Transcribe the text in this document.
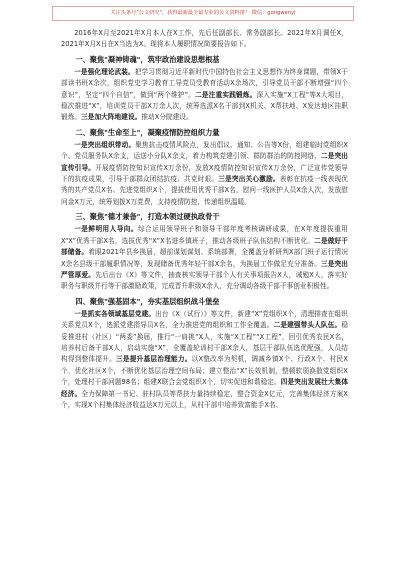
关注头条号"公文研究"，获得最新最全最专业的公文资料推！ 微信：gongwenyj

2016年X月至2021年X月本人在X工作，先后任副部长、常务副部长。2021年X月调任X，2021年X月X日在X当选为X。现将本人履职情况简要报告如下。

一、聚焦"凝神铸魂"，筑牢政治建设思想根基

一是强化理论武装。把学习贯彻习近平新时代中国特色社会主义思想作为终身课题，带领X干部读书班X余次，组织党史学习教育工导党员受教育活动X余场次，引导党员干部不断增强“四个意识”，坚定“四个自信”，做到“两个维护”。二是注重实践锻炼。深入实施“X工程”等X大项目，稳次推进“X”，培训党员干部X万余人次，统筹选派X名干部到X机关、X帮扶地、X发达地区挂职锻炼。三是加大阵地建设。推动X分院建设。

二、聚焦"生命至上"，凝聚疫情防控组织力量

一是突出组织带动。聚焦抗击疫情风险点，发出倡议、通知、公告等X份，组建临时党组织X个、党员服务队X余支，运送小分队X余支，着力构筑党建引领、群防群治的防控网络，二是突出宣传引导。开展疫情防控知识宣传X万余份，发放X疫情防控知识宣传X万余份，广泛宣传党领导下的抗疫成果，引导干部群众团结抗疫、共克时艰。三是突出关心激励。表彰在抗疫一线表现优秀的共产党员X名、先进党组织X个，提拔使用优秀干部X名，慰问一线医护人员X余人次，发放慰问金X万元，统筹划拨X万党费，支持疫情防控，传递组织温暖。

三、聚焦"德才兼备"，打造本领过硬执政骨干

一是鲜明用人导向。综合运用领导班子和领导干部年度考核调研成果，在X年度提拔重用X“X”优秀干部X名，选拔优秀“X”X名进乡镇班子，推动各级班子队伍结构不断优化。二是做好干部储备。着眼2021年县乡换届，超前谋划谋划、系统部署，全覆盖分析研判X部门班子运行情况X余名县级干部履职情况等，发现储备优秀年轻干部X余名，为换届工作做足充分准备。三是突出严管厚爱。先后出台《X》等文件，抽查核实领导干部个人有关事项报告X人，诫勉X人，落实好职务与职级并行等干部激励政策，完成晋升职级X余人，充分调动各级干部干事创业积极性。

四、聚焦"强基固本"，夯实基层组织战斗堡垒

一是抓实各领域基层党建。出台《X（试行）》等文件，新建“X”党组织X个，清理排查在组织关系党员X个，选派党建指导员X名，全力推进党的组织和工作全覆盖。二是建强带头人队伍。稳妥推进村（社区）“两委”换届，推行“一肩挑”X人，实施“X工程”“X工程”，回引优秀农民X名，培养村后备干部X人，启动实施“X”，全覆盖轮训村干部X余人，基层干部队伍选优配强，人员结构得到整体提升。三是提升基层治理能力。以X整改率为契机，调减乡镇X个、行政X个、村民X个，优化社区X个，不断优化基层治理空间布局；建立整治“X”长效机制，整顿软弱涣散党组织X个，处理村干部问题98名；组建X联合会党组织X个，切实促进和谐稳定。四是突出发展壮大集体经济。全力保障第一书记、驻村队员等帮扶力量持续稳定，整合资金X亿元，完善集体经济方案X个，实现X个村集体经济收益达X万元以上，从村干部中培养致富能手X名、
